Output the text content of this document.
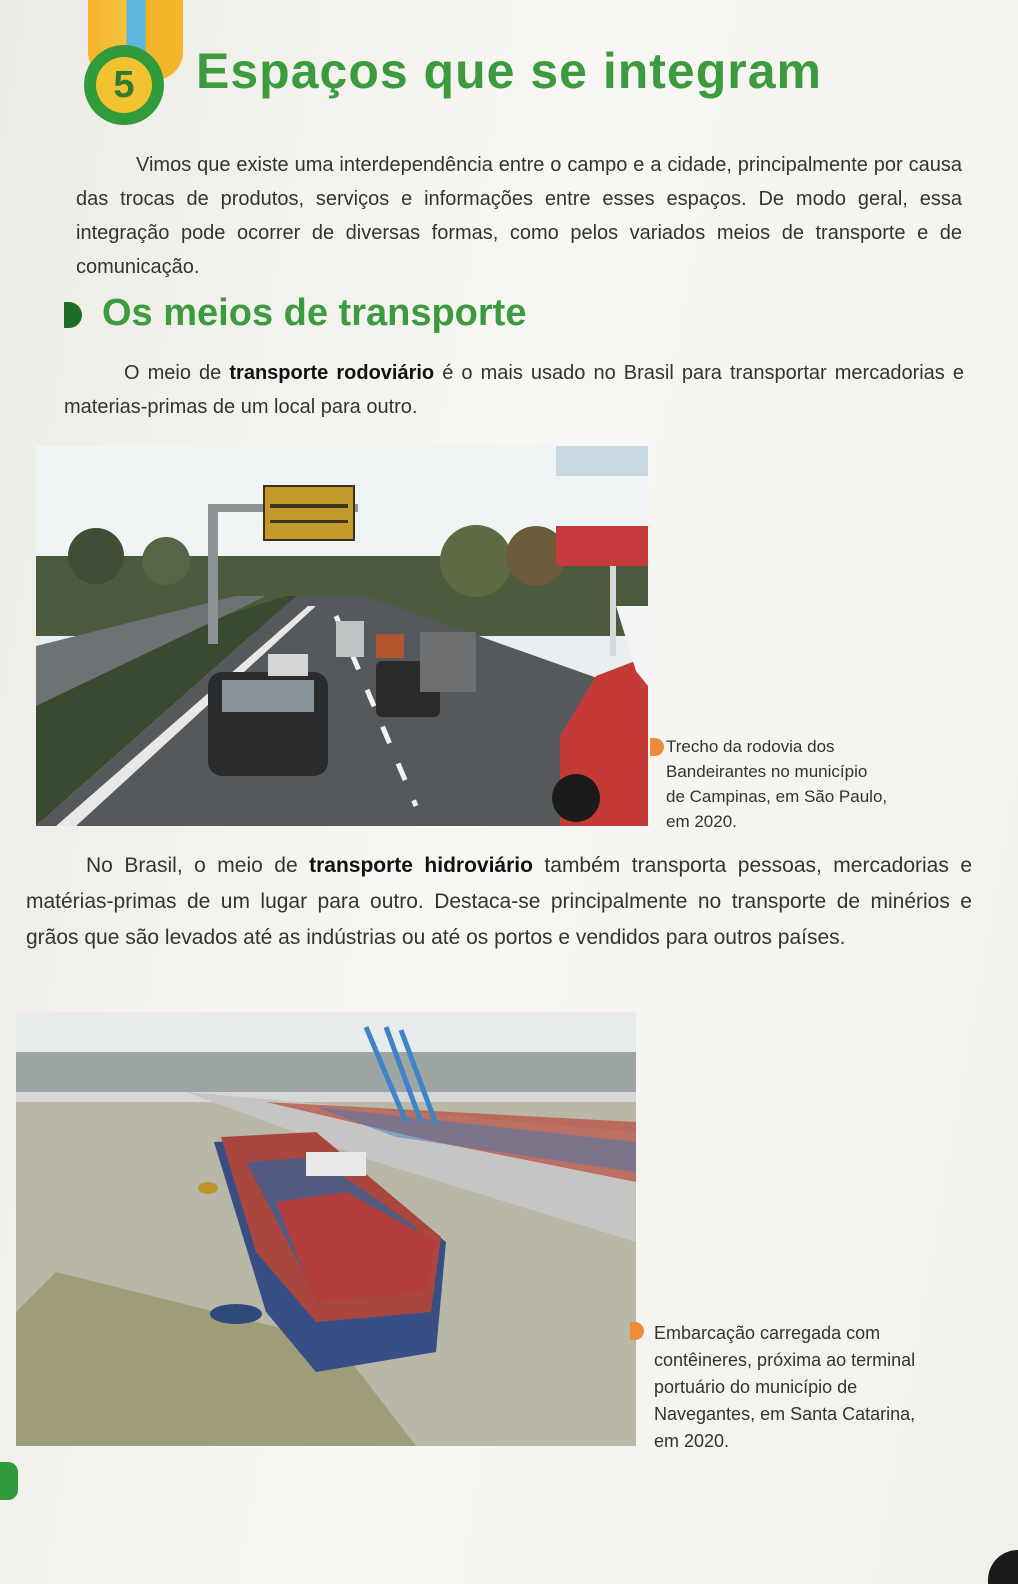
5	Espaços que se integram

Vimos que existe uma interdependência entre o campo e a cidade, principalmente por causa das trocas de produtos, serviços e informações entre esses espaços. De modo geral, essa integração pode ocorrer de diversas formas, como pelos variados meios de transporte e de comunicação.

Os meios de transporte

O meio de transporte rodoviário é o mais usado no Brasil para transportar mercadorias e materias-primas de um local para outro.

Trecho da rodovia dos Bandeirantes no município de Campinas, em São Paulo, em 2020.

No Brasil, o meio de transporte hidroviário também transporta pessoas, mercadorias e matérias-primas de um lugar para outro. Destaca-se principalmente no transporte de minérios e grãos que são levados até as indústrias ou até os portos e vendidos para outros países.

Embarcação carregada com contêineres, próxima ao terminal portuário do município de Navegantes, em Santa Catarina, em 2020.
